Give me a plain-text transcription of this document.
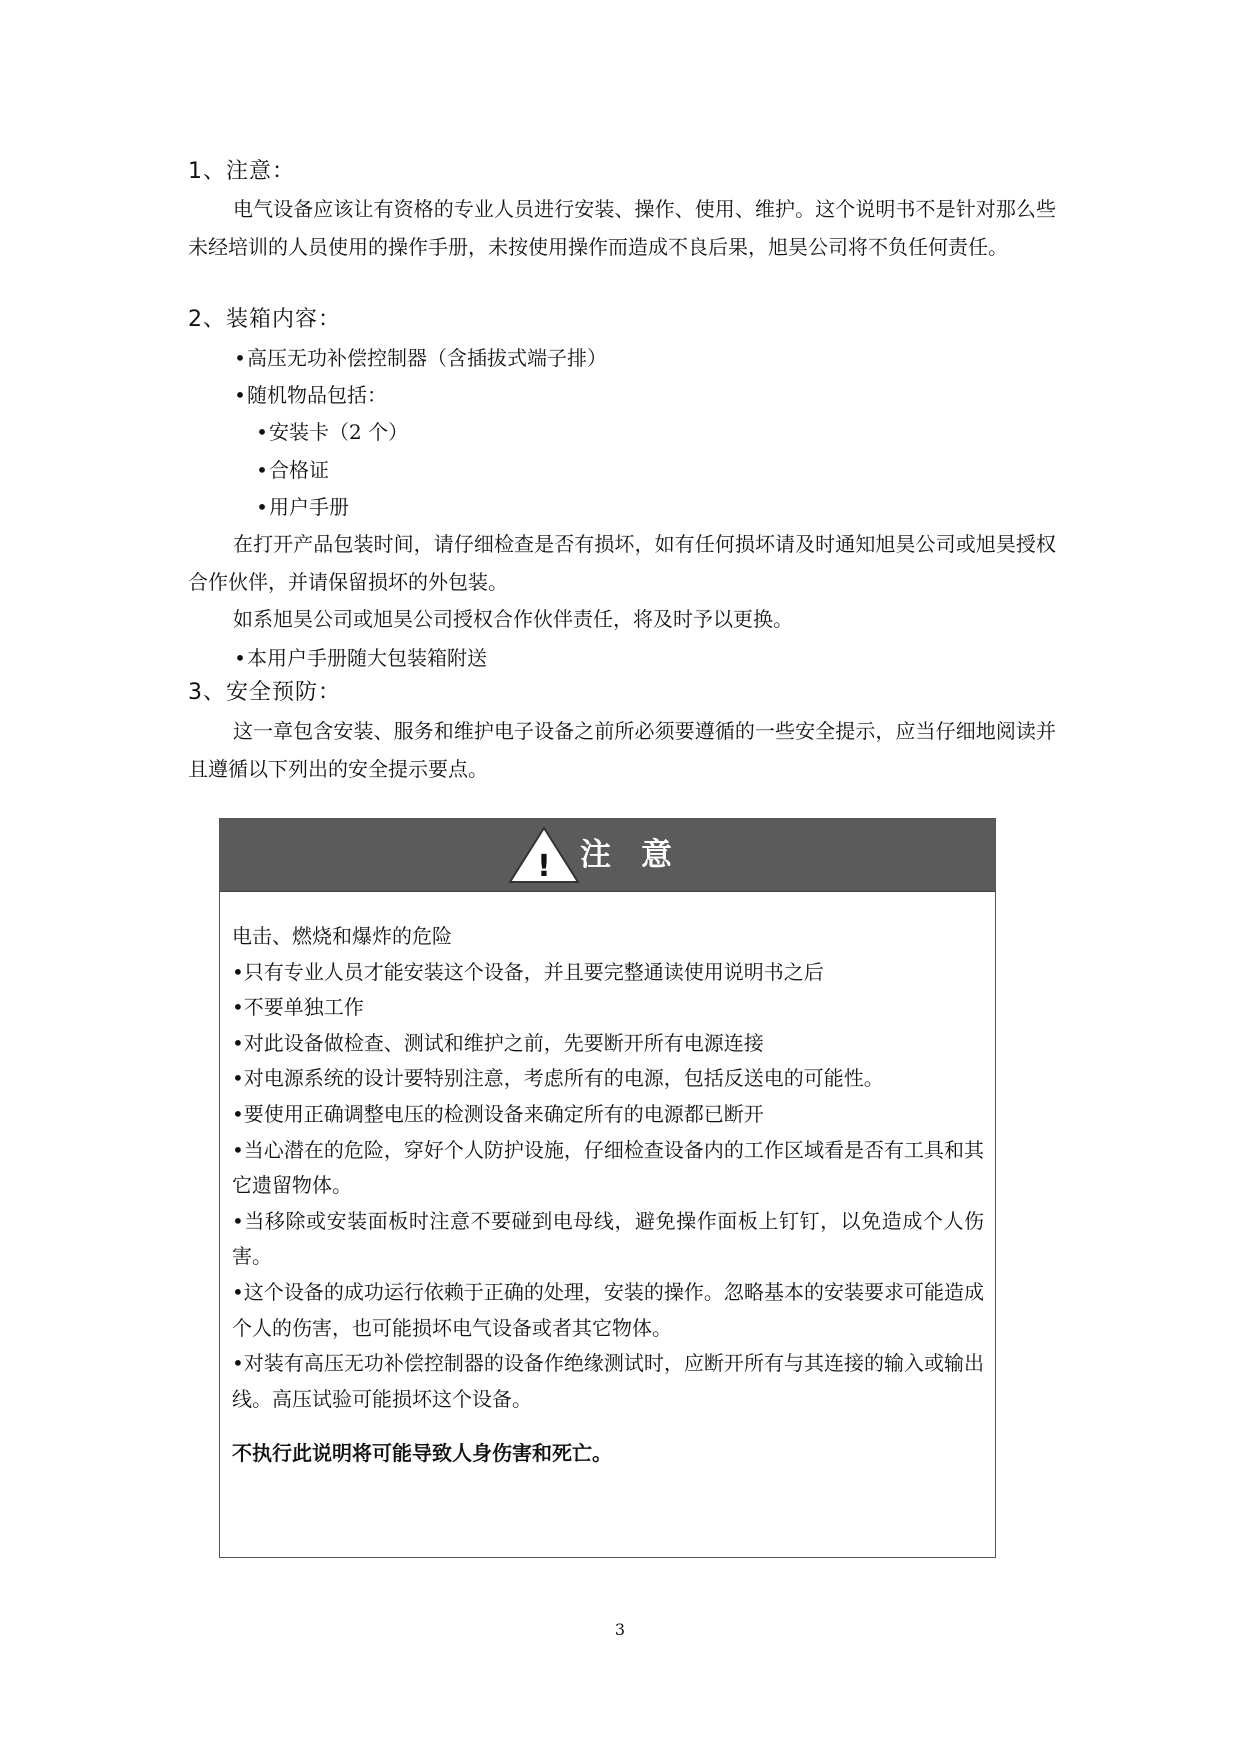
1、注意：

电气设备应该让有资格的专业人员进行安装、操作、使用、维护。这个说明书不是针对那么些未经培训的人员使用的操作手册，未按使用操作而造成不良后果，旭昊公司将不负任何责任。

2、装箱内容：
•高压无功补偿控制器（含插拔式端子排）
•随机物品包括：
•安装卡（2 个）
•合格证
•用户手册

在打开产品包装时间，请仔细检查是否有损坏，如有任何损坏请及时通知旭昊公司或旭昊授权合作伙伴，并请保留损坏的外包装。

如系旭昊公司或旭昊公司授权合作伙伴责任，将及时予以更换。

•本用户手册随大包装箱附送
3、安全预防：

这一章包含安装、服务和维护电子设备之前所必须要遵循的一些安全提示，应当仔细地阅读并且遵循以下列出的安全提示要点。

! 注意

电击、燃烧和爆炸的危险

•只有专业人员才能安装这个设备，并且要完整通读使用说明书之后

•不要单独工作

•对此设备做检查、测试和维护之前，先要断开所有电源连接

•对电源系统的设计要特别注意，考虑所有的电源，包括反送电的可能性。

•要使用正确调整电压的检测设备来确定所有的电源都已断开

•当心潜在的危险，穿好个人防护设施，仔细检查设备内的工作区域看是否有工具和其它遗留物体。

•当移除或安装面板时注意不要碰到电母线，避免操作面板上钉钉，以免造成个人伤害。

•这个设备的成功运行依赖于正确的处理，安装的操作。忽略基本的安装要求可能造成个人的伤害，也可能损坏电气设备或者其它物体。

•对装有高压无功补偿控制器的设备作绝缘测试时，应断开所有与其连接的输入或输出线。高压试验可能损坏这个设备。

不执行此说明将可能导致人身伤害和死亡。

3
